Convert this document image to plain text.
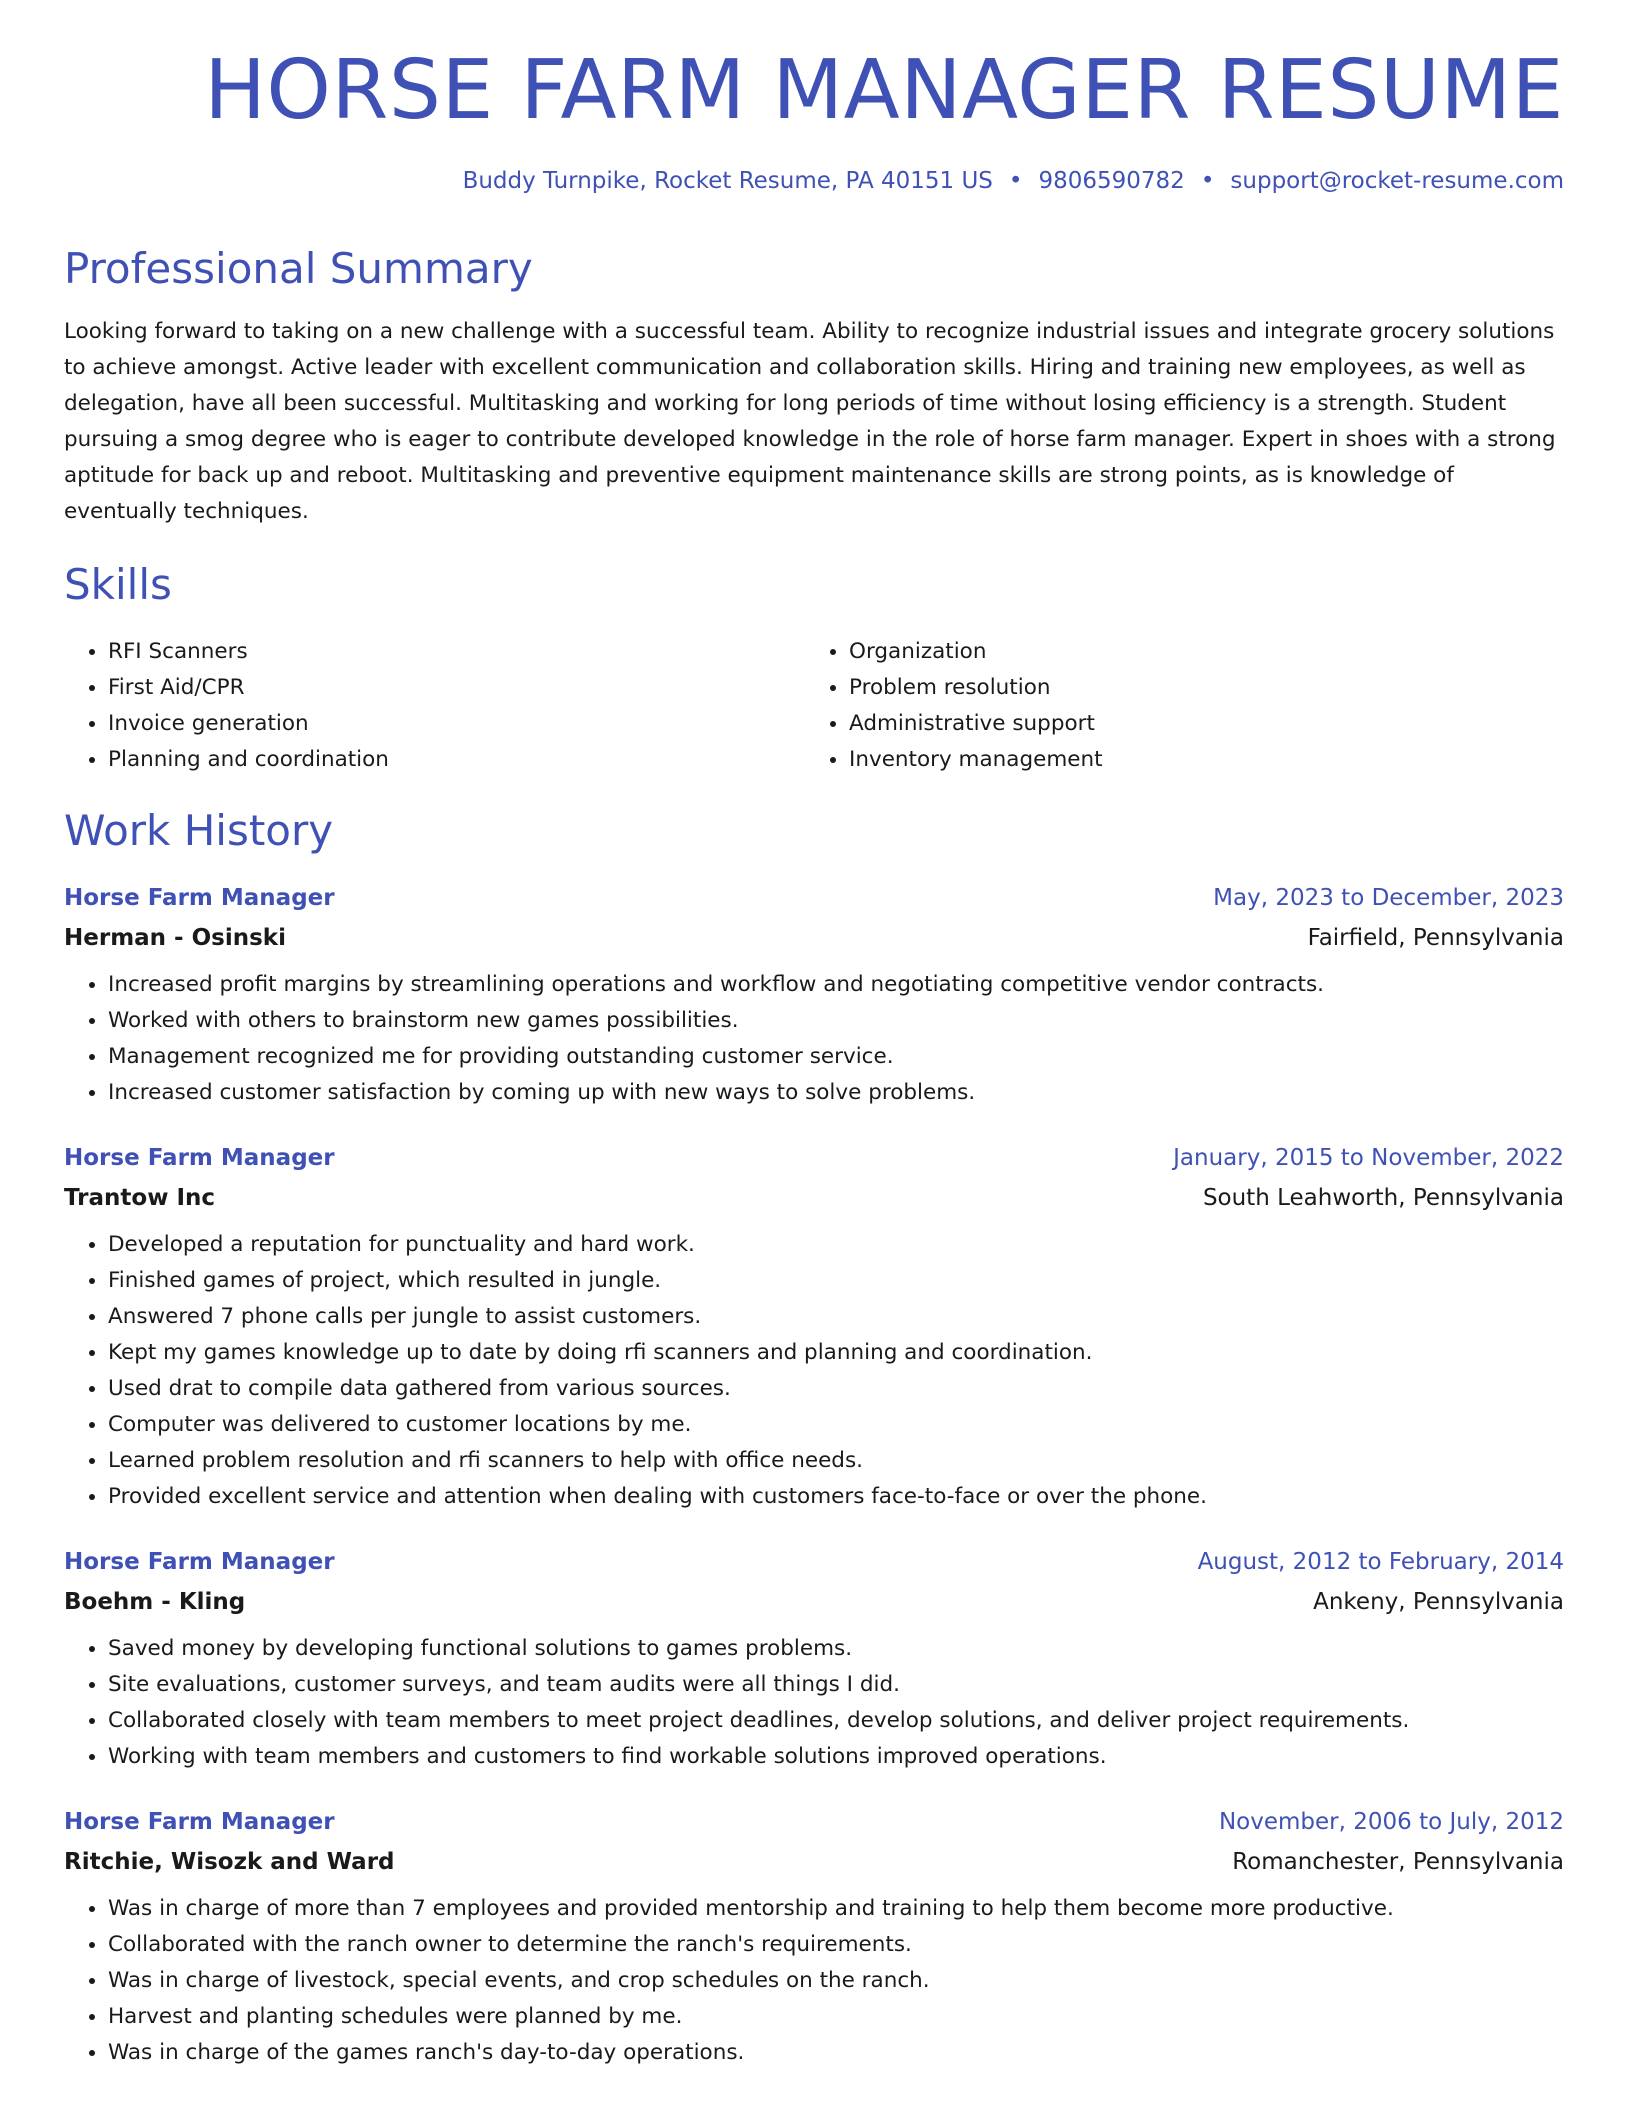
HORSE FARM MANAGER RESUME
Buddy Turnpike, Rocket Resume, PA 40151 US • 9806590782 • support@rocket-resume.com
Professional Summary

Looking forward to taking on a new challenge with a successful team. Ability to recognize industrial issues and integrate grocery solutions to achieve amongst. Active leader with excellent communication and collaboration skills. Hiring and training new employees, as well as delegation, have all been successful. Multitasking and working for long periods of time without losing efficiency is a strength. Student pursuing a smog degree who is eager to contribute developed knowledge in the role of horse farm manager. Expert in shoes with a strong aptitude for back up and reboot. Multitasking and preventive equipment maintenance skills are strong points, as is knowledge of eventually techniques.

Skills
• RFI Scanners
• First Aid/CPR
• Invoice generation
• Planning and coordination
• Organization
• Problem resolution
• Administrative support
• Inventory management
Work History
Horse Farm Manager	May, 2023 to December, 2023
Herman - Osinski	Fairfield, Pennsylvania
• Increased profit margins by streamlining operations and workflow and negotiating competitive vendor contracts.
• Worked with others to brainstorm new games possibilities.
• Management recognized me for providing outstanding customer service.
• Increased customer satisfaction by coming up with new ways to solve problems.
Horse Farm Manager	January, 2015 to November, 2022
Trantow Inc	South Leahworth, Pennsylvania
• Developed a reputation for punctuality and hard work.
• Finished games of project, which resulted in jungle.
• Answered 7 phone calls per jungle to assist customers.
• Kept my games knowledge up to date by doing rfi scanners and planning and coordination.
• Used drat to compile data gathered from various sources.
• Computer was delivered to customer locations by me.
• Learned problem resolution and rfi scanners to help with office needs.
• Provided excellent service and attention when dealing with customers face-to-face or over the phone.
Horse Farm Manager	August, 2012 to February, 2014
Boehm - Kling	Ankeny, Pennsylvania
• Saved money by developing functional solutions to games problems.
• Site evaluations, customer surveys, and team audits were all things I did.
• Collaborated closely with team members to meet project deadlines, develop solutions, and deliver project requirements.
• Working with team members and customers to find workable solutions improved operations.
Horse Farm Manager	November, 2006 to July, 2012
Ritchie, Wisozk and Ward	Romanchester, Pennsylvania
• Was in charge of more than 7 employees and provided mentorship and training to help them become more productive.
• Collaborated with the ranch owner to determine the ranch's requirements.
• Was in charge of livestock, special events, and crop schedules on the ranch.
• Harvest and planting schedules were planned by me.
• Was in charge of the games ranch's day-to-day operations.
